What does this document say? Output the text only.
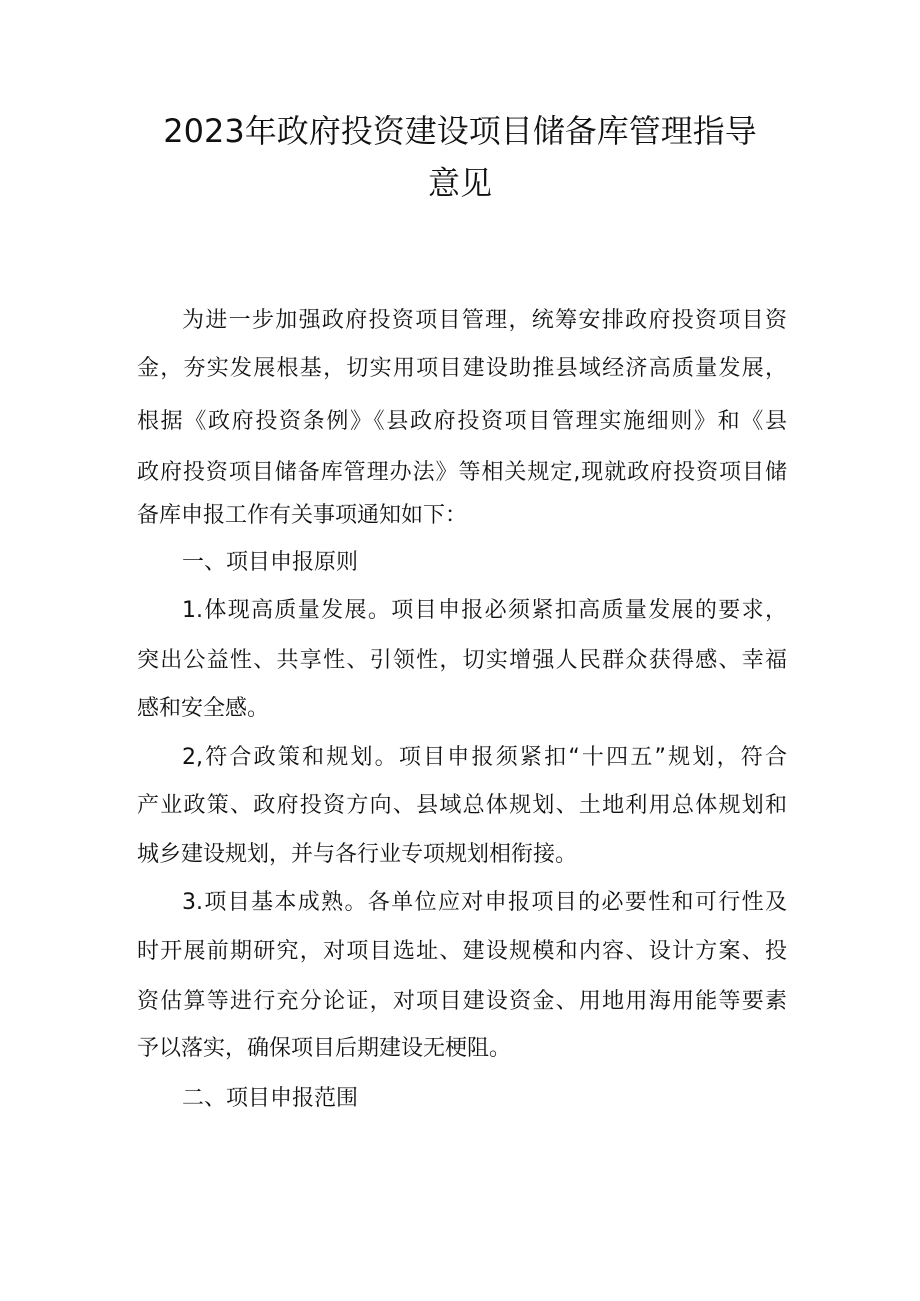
2023年政府投资建设项目储备库管理指导
意见
为进一步加强政府投资项目管理，统筹安排政府投资项目资
金，夯实发展根基，切实用项目建设助推县域经济高质量发展，
根据《政府投资条例》《县政府投资项目管理实施细则》和《县
政府投资项目储备库管理办法》等相关规定,现就政府投资项目储
备库申报工作有关事项通知如下：
一、项目申报原则
1.体现高质量发展。项目申报必须紧扣高质量发展的要求，
突出公益性、共享性、引领性，切实增强人民群众获得感、幸福
感和安全感。
2,符合政策和规划。项目申报须紧扣“十四五”规划，符合
产业政策、政府投资方向、县域总体规划、土地利用总体规划和
城乡建设规划，并与各行业专项规划相衔接。
3.项目基本成熟。各单位应对申报项目的必要性和可行性及
时开展前期研究，对项目选址、建设规模和内容、设计方案、投
资估算等进行充分论证，对项目建设资金、用地用海用能等要素
予以落实，确保项目后期建设无梗阻。
二、项目申报范围
